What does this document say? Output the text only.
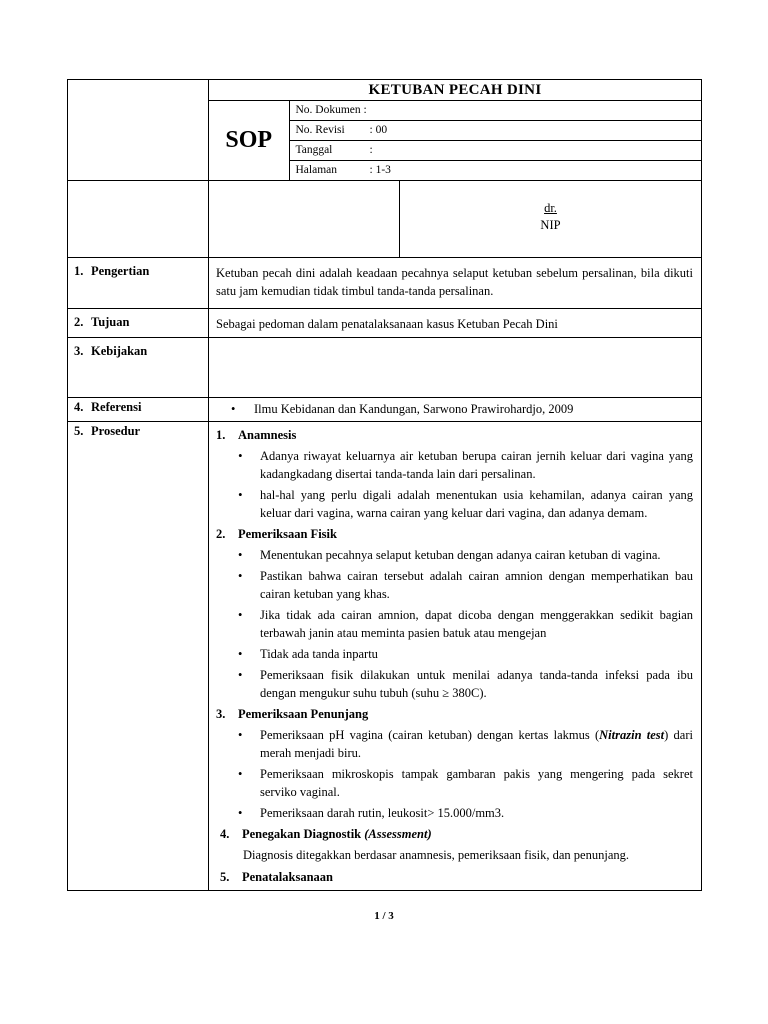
KETUBAN PECAH DINI
SOP	No. Dokumen :
No. Revisi : 00
Tanggal	:
Halaman	: 1-3

dr.
NIP

1. Pengertian	Ketuban pecah dini adalah keadaan pecahnya selaput ketuban sebelum persalinan, bila dikuti satu jam kemudian tidak timbul tanda-tanda persalinan.
2. Tujuan	Sebagai pedoman dalam penatalaksanaan kasus Ketuban Pecah Dini
3. Kebijakan	
4. Referensi	• Ilmu Kebidanan dan Kandungan, Sarwono Prawirohardjo, 2009

5. Prosedur	1. Anamnesis
• Adanya riwayat keluarnya air ketuban berupa cairan jernih keluar dari vagina yang kadangkadang disertai tanda-tanda lain dari persalinan.
• hal-hal yang perlu digali adalah menentukan usia kehamilan, adanya cairan yang keluar dari vagina, warna cairan yang keluar dari vagina, dan adanya demam.
2. Pemeriksaan Fisik
• Menentukan pecahnya selaput ketuban dengan adanya cairan ketuban di vagina.
• Pastikan bahwa cairan tersebut adalah cairan amnion dengan memperhatikan bau cairan ketuban yang khas.
• Jika tidak ada cairan amnion, dapat dicoba dengan menggerakkan sedikit bagian terbawah janin atau meminta pasien batuk atau mengejan
• Tidak ada tanda inpartu
• Pemeriksaan fisik dilakukan untuk menilai adanya tanda-tanda infeksi pada ibu dengan mengukur suhu tubuh (suhu ≥ 380C).
3. Pemeriksaan Penunjang
• Pemeriksaan pH vagina (cairan ketuban) dengan kertas lakmus (Nitrazin test) dari merah menjadi biru.
• Pemeriksaan mikroskopis tampak gambaran pakis yang mengering pada sekret serviko vaginal.
• Pemeriksaan darah rutin, leukosit> 15.000/mm3.
4. Penegakan Diagnostik (Assessment)
Diagnosis ditegakkan berdasar anamnesis, pemeriksaan fisik, dan penunjang.
5. Penatalaksanaan
1 / 3
